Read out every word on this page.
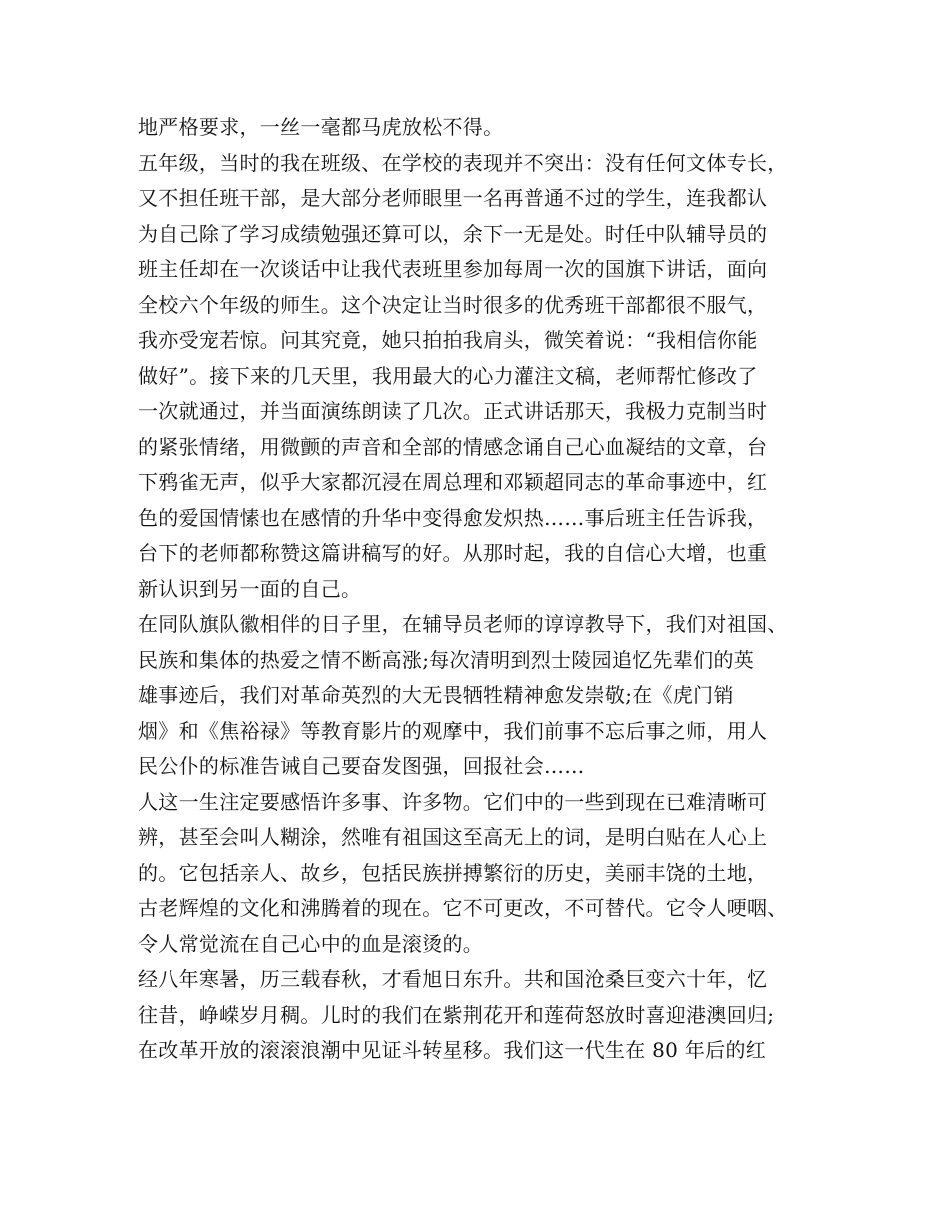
地严格要求，一丝一毫都马虎放松不得。
五年级，当时的我在班级、在学校的表现并不突出：没有任何文体专长，
又不担任班干部，是大部分老师眼里一名再普通不过的学生，连我都认
为自己除了学习成绩勉强还算可以，余下一无是处。时任中队辅导员的
班主任却在一次谈话中让我代表班里参加每周一次的国旗下讲话，面向
全校六个年级的师生。这个决定让当时很多的优秀班干部都很不服气，
我亦受宠若惊。问其究竟，她只拍拍我肩头，微笑着说：“我相信你能
做好”。接下来的几天里，我用最大的心力灌注文稿，老师帮忙修改了
一次就通过，并当面演练朗读了几次。正式讲话那天，我极力克制当时
的紧张情绪，用微颤的声音和全部的情感念诵自己心血凝结的文章，台
下鸦雀无声，似乎大家都沉浸在周总理和邓颖超同志的革命事迹中，红
色的爱国情愫也在感情的升华中变得愈发炽热……事后班主任告诉我，
台下的老师都称赞这篇讲稿写的好。从那时起，我的自信心大增，也重
新认识到另一面的自己。
在同队旗队徽相伴的日子里，在辅导员老师的谆谆教导下，我们对祖国、
民族和集体的热爱之情不断高涨;每次清明到烈士陵园追忆先辈们的英
雄事迹后，我们对革命英烈的大无畏牺牲精神愈发崇敬;在《虎门销
烟》和《焦裕禄》等教育影片的观摩中，我们前事不忘后事之师，用人
民公仆的标准告诫自己要奋发图强，回报社会……
人这一生注定要感悟许多事、许多物。它们中的一些到现在已难清晰可
辨，甚至会叫人糊涂，然唯有祖国这至高无上的词，是明白贴在人心上
的。它包括亲人、故乡，包括民族拼搏繁衍的历史，美丽丰饶的土地，
古老辉煌的文化和沸腾着的现在。它不可更改，不可替代。它令人哽咽、
令人常觉流在自己心中的血是滚烫的。
经八年寒暑，历三载春秋，才看旭日东升。共和国沧桑巨变六十年，忆
往昔，峥嵘岁月稠。儿时的我们在紫荆花开和莲荷怒放时喜迎港澳回归;
在改革开放的滚滚浪潮中见证斗转星移。我们这一代生在 80 年后的红
